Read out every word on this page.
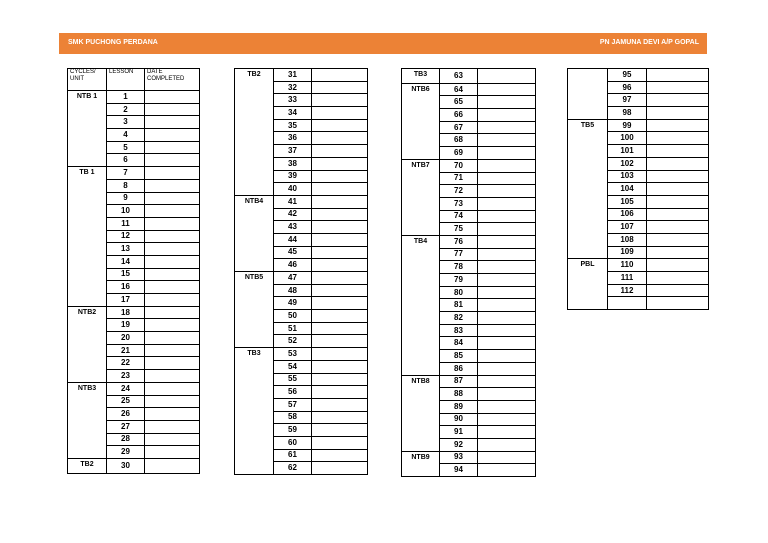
SMK PUCHONG PERDANA	PN JAMUNA DEVI A/P GOPAL
CYCLES/ UNIT	LESSON	DATE COMPLETED
NTB 1	1	
	2	
	3	
	4	
	5	
	6	
TB 1	7	
	8	
	9	
	10	
	11	
	12	
	13	
	14	
	15	
	16	
	17	
NTB2	18	
	19	
	20	
	21	
	22	
	23	
NTB3	24	
	25	
	26	
	27	
	28	
	29	
TB2	30	
TB2	31	
	32	
	33	
	34	
	35	
	36	
	37	
	38	
	39	
	40	
NTB4	41	
	42	
	43	
	44	
	45	
	46	
NTB5	47	
	48	
	49	
	50	
	51	
	52	
TB3	53	
	54	
	55	
	56	
	57	
	58	
	59	
	60	
	61	
	62	
TB3	63	
NTB6	64	
	65	
	66	
	67	
	68	
	69	
NTB7	70	
	71	
	72	
	73	
	74	
	75	
TB4	76	
	77	
	78	
	79	
	80	
	81	
	82	
	83	
	84	
	85	
	86	
NTB8	87	
	88	
	89	
	90	
	91	
	92	
NTB9	93	
	94	
	95	
	96	
	97	
	98	
TB5	99	
	100	
	101	
	102	
	103	
	104	
	105	
	106	
	107	
	108	
	109	
PBL	110	
	111	
	112	
